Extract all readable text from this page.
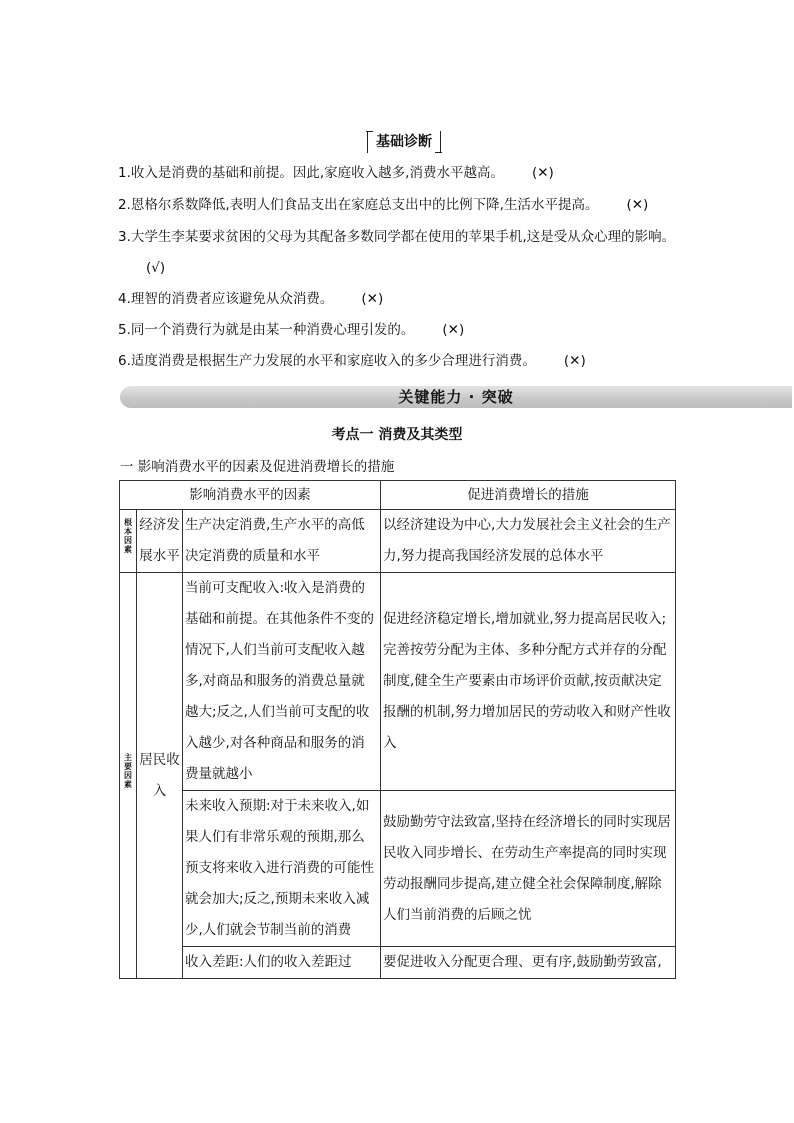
基础诊断

1.收入是消费的基础和前提。因此,家庭收入越多,消费水平越高。 (✕)

2.恩格尔系数降低,表明人们食品支出在家庭总支出中的比例下降,生活水平提高。 (✕)

3.大学生李某要求贫困的父母为其配备多数同学都在使用的苹果手机,这是受从众心理的影响。(√)

4.理智的消费者应该避免从众消费。 (✕)

5.同一个消费行为就是由某一种消费心理引发的。 (✕)

6.适度消费是根据生产力发展的水平和家庭收入的多少合理进行消费。 (✕)

关键能力 · 突破
考点一 消费及其类型
一 影响消费水平的因素及促进消费增长的措施
影响消费水平的因素			促进消费增长的措施
根本因素	经济发展水平	生产决定消费,生产水平的高低决定消费的质量和水平	以经济建设为中心,大力发展社会主义社会的生产力,努力提高我国经济发展的总体水平
主要因素	居民收入	当前可支配收入:收入是消费的基础和前提。在其他条件不变的情况下,人们当前可支配收入越多,对商品和服务的消费总量就越大;反之,人们当前可支配的收入越少,对各种商品和服务的消费量就越小	促进经济稳定增长,增加就业,努力提高居民收入;完善按劳分配为主体、多种分配方式并存的分配制度,健全生产要素由市场评价贡献,按贡献决定报酬的机制,努力增加居民的劳动收入和财产性收入
		未来收入预期:对于未来收入,如果人们有非常乐观的预期,那么预支将来收入进行消费的可能性就会加大;反之,预期未来收入减少,人们就会节制当前的消费	鼓励勤劳守法致富,坚持在经济增长的同时实现居民收入同步增长、在劳动生产率提高的同时实现劳动报酬同步提高,建立健全社会保障制度,解除人们当前消费的后顾之忧
		收入差距:人们的收入差距过	要促进收入分配更合理、更有序,鼓励勤劳致富,
